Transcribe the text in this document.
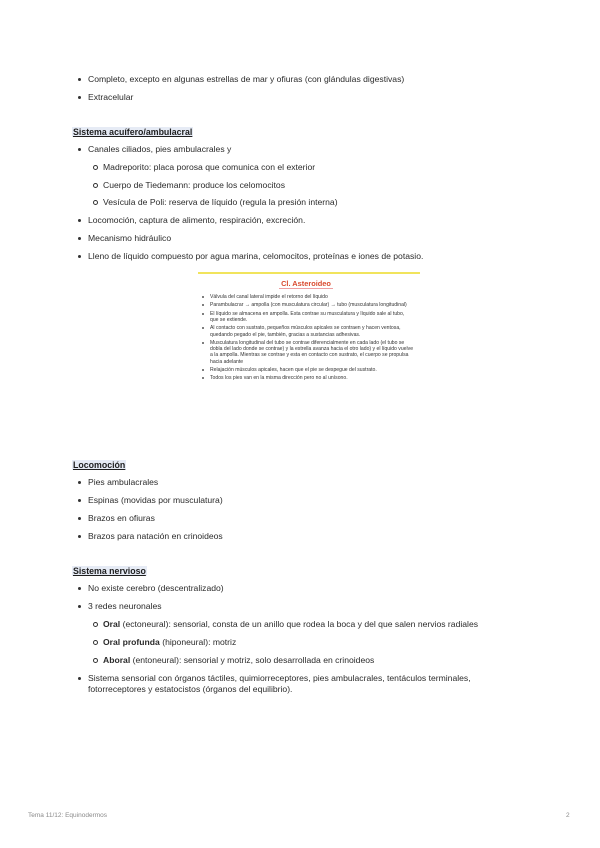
Completo, excepto en algunas estrellas de mar y ofiuras (con glándulas digestivas)
Extracelular
Sistema acuífero/ambulacral
Canales ciliados, pies ambulacrales y
Madreporito: placa porosa que comunica con el exterior
Cuerpo de Tiedemann: produce los celomocitos
Vesícula de Poli: reserva de líquido (regula la presión interna)
Locomoción, captura de alimento, respiración, excreción.
Mecanismo hidráulico
Lleno de líquido compuesto por agua marina, celomocitos, proteínas e iones de potasio.
Cl. Asteroideo
Válvula del canal lateral impide el retorno del líquido
Parambulacrar → ampolla (con musculatura circular) → tubo (musculatura longitudinal)
El líquido se almacena en ampolla. Esta contrae su musculatura y líquido sale al tubo, que se extiende.
Al contacto con sustrato, pequeños músculos apicales se contraen y hacen ventosa, quedando pegado el pie, también, gracias a sustancias adhesivas.
Musculatura longitudinal del tubo se contrae diferencialmente en cada lado (el tubo se dobla del lado donde se contrae) y la estrella avanza hacia el otro lado) y el líquido vuelve a la ampolla. Mientras se contrae y esta en contacto con sustrato, el cuerpo se propulsa hacia adelante
Relajación músculos apicales, hacen que el pie se despegue del sustrato.
Todos los pies van en la misma dirección pero no al unísono.
Locomoción
Pies ambulacrales
Espinas (movidas por musculatura)
Brazos en ofiuras
Brazos para natación en crinoideos
Sistema nervioso
No existe cerebro (descentralizado)
3 redes neuronales
Oral (ectoneural): sensorial, consta de un anillo que rodea la boca y del que salen nervios radiales
Oral profunda (hiponeural): motriz
Aboral (entoneural): sensorial y motriz, solo desarrollada en crinoideos
Sistema sensorial con órganos táctiles, quimiorreceptores, pies ambulacrales, tentáculos terminales, fotorreceptores y estatocistos (órganos del equilibrio).
Tema 11/12: Equinodermos	2
